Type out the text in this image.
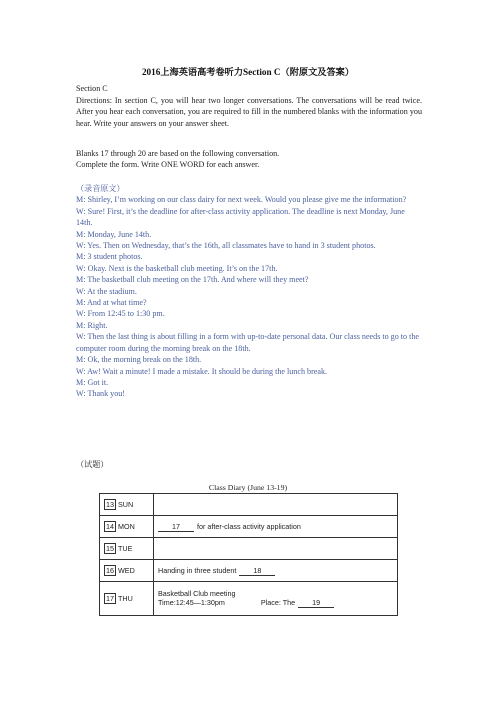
2016上海英语高考卷听力Section C（附原文及答案）
Section C

Directions: In section C, you will hear two longer conversations. The conversations will be read twice. After you hear each conversation, you are required to fill in the numbered blanks with the information you hear. Write your answers on your answer sheet.

Blanks 17 through 20 are based on the following conversation.

Complete the form. Write ONE WORD for each answer.

（录音原文）

M: Shirley, I’m working on our class dairy for next week. Would you please give me the information?

W: Sure! First, it’s the deadline for after-class activity application. The deadline is next Monday, June 14th.

M: Monday, June 14th.

W: Yes. Then on Wednesday, that’s the 16th, all classmates have to hand in 3 student photos.

M: 3 student photos.

W: Okay. Next is the basketball club meeting. It’s on the 17th.

M: The basketball club meeting on the 17th. And where will they meet?

W: At the stadium.

M: And at what time?

W: From 12:45 to 1:30 pm.

M: Right.

W: Then the last thing is about filling in a form with up-to-date personal data. Our class needs to go to the computer room during the morning break on the 18th.

M: Ok, the morning break on the 18th.

W: Aw! Wait a minute! I made a mistake. It should be during the lunch break.

M: Got it.

W: Thank you!

（试题）
Class Diary (June 13-19)
13 SUN	
14 MON	17 for after-class activity application
15 TUE	
16 WED	Handing in three student 18
17 THU	Basketball Club meeting
Time:12:45—1:30pm Place: The 19
